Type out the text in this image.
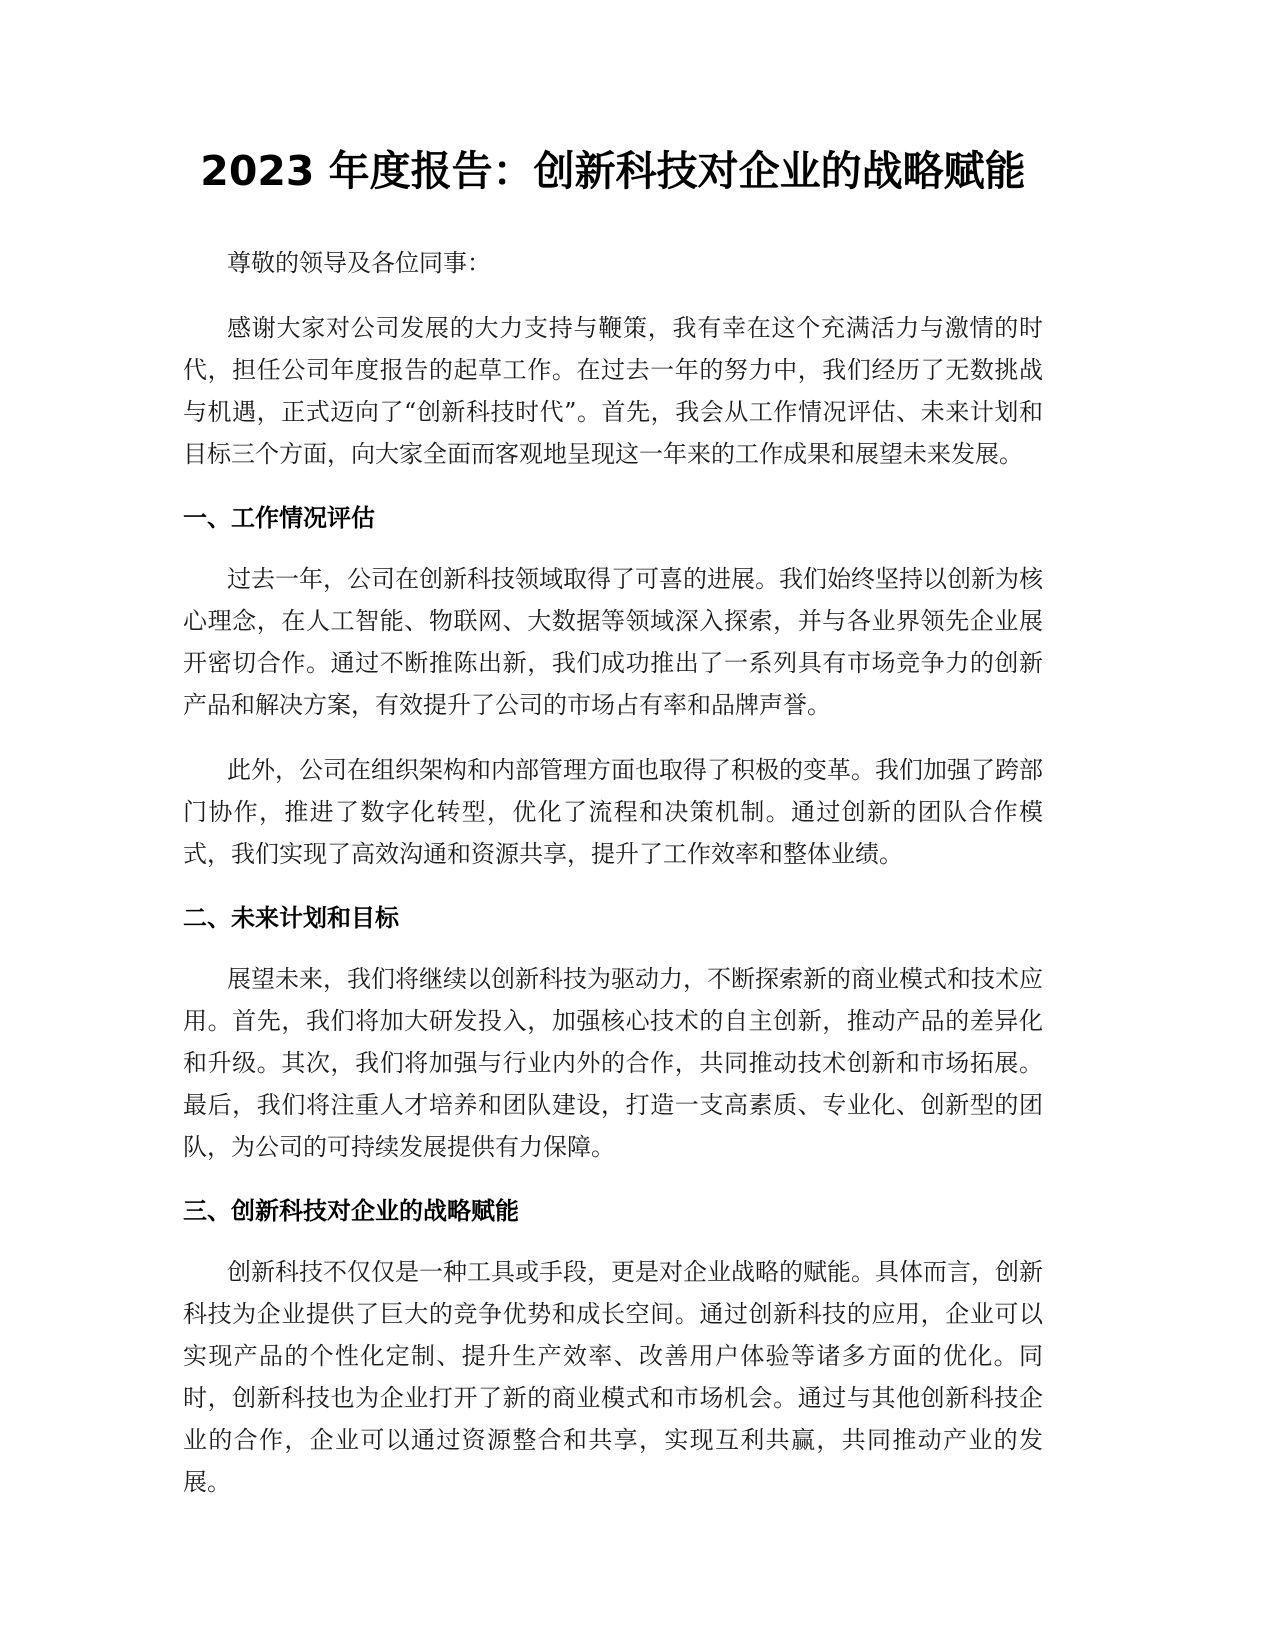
2023 年度报告：创新科技对企业的战略赋能

尊敬的领导及各位同事：

感谢大家对公司发展的大力支持与鞭策，我有幸在这个充满活力与激情的时代，担任公司年度报告的起草工作。在过去一年的努力中，我们经历了无数挑战与机遇，正式迈向了“创新科技时代”。首先，我会从工作情况评估、未来计划和目标三个方面，向大家全面而客观地呈现这一年来的工作成果和展望未来发展。

一、工作情况评估

过去一年，公司在创新科技领域取得了可喜的进展。我们始终坚持以创新为核心理念，在人工智能、物联网、大数据等领域深入探索，并与各业界领先企业展开密切合作。通过不断推陈出新，我们成功推出了一系列具有市场竞争力的创新产品和解决方案，有效提升了公司的市场占有率和品牌声誉。

此外，公司在组织架构和内部管理方面也取得了积极的变革。我们加强了跨部门协作，推进了数字化转型，优化了流程和决策机制。通过创新的团队合作模式，我们实现了高效沟通和资源共享，提升了工作效率和整体业绩。

二、未来计划和目标

展望未来，我们将继续以创新科技为驱动力，不断探索新的商业模式和技术应用。首先，我们将加大研发投入，加强核心技术的自主创新，推动产品的差异化和升级。其次，我们将加强与行业内外的合作，共同推动技术创新和市场拓展。最后，我们将注重人才培养和团队建设，打造一支高素质、专业化、创新型的团队，为公司的可持续发展提供有力保障。

三、创新科技对企业的战略赋能

创新科技不仅仅是一种工具或手段，更是对企业战略的赋能。具体而言，创新科技为企业提供了巨大的竞争优势和成长空间。通过创新科技的应用，企业可以实现产品的个性化定制、提升生产效率、改善用户体验等诸多方面的优化。同时，创新科技也为企业打开了新的商业模式和市场机会。通过与其他创新科技企业的合作，企业可以通过资源整合和共享，实现互利共赢，共同推动产业的发展。
